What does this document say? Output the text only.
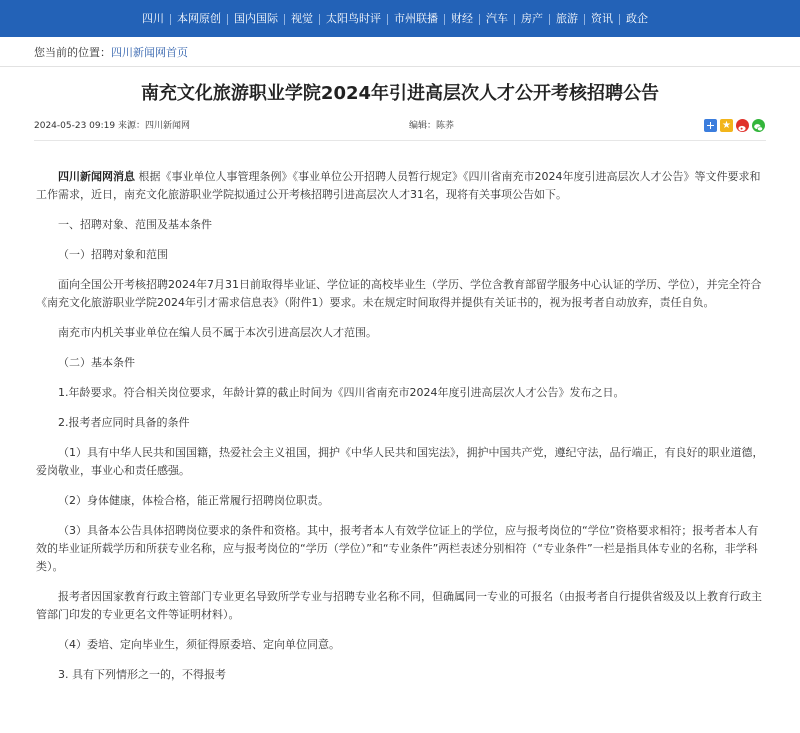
四川	本网原创	国内国际	视觉	太阳鸟时评	市州联播	财经	汽车	房产	旅游	资讯	政企
您当前的位置：四川新闻网首页
南充文化旅游职业学院2024年引进高层次人才公开考核招聘公告
2024-05-23 09:19 来源：四川新闻网	编辑：陈荞
★

四川新闻网消息 根据《事业单位人事管理条例》《事业单位公开招聘人员暂行规定》《四川省南充市2024年度引进高层次人才公告》等文件要求和工作需求，近日，南充文化旅游职业学院拟通过公开考核招聘引进高层次人才31名，现将有关事项公告如下。

一、招聘对象、范围及基本条件

（一）招聘对象和范围

面向全国公开考核招聘2024年7月31日前取得毕业证、学位证的高校毕业生（学历、学位含教育部留学服务中心认证的学历、学位），并完全符合《南充文化旅游职业学院2024年引才需求信息表》（附件1）要求。未在规定时间取得并提供有关证书的，视为报考者自动放弃，责任自负。

南充市内机关事业单位在编人员不属于本次引进高层次人才范围。

（二）基本条件

1.年龄要求。符合相关岗位要求，年龄计算的截止时间为《四川省南充市2024年度引进高层次人才公告》发布之日。

2.报考者应同时具备的条件

（1）具有中华人民共和国国籍，热爱社会主义祖国，拥护《中华人民共和国宪法》，拥护中国共产党，遵纪守法，品行端正，有良好的职业道德，爱岗敬业，事业心和责任感强。

（2）身体健康，体检合格，能正常履行招聘岗位职责。

（3）具备本公告具体招聘岗位要求的条件和资格。其中，报考者本人有效学位证上的学位，应与报考岗位的“学位”资格要求相符；报考者本人有效的毕业证所载学历和所获专业名称，应与报考岗位的“学历（学位）”和“专业条件”两栏表述分别相符（“专业条件”一栏是指具体专业的名称，非学科类）。

报考者因国家教育行政主管部门专业更名导致所学专业与招聘专业名称不同，但确属同一专业的可报名（由报考者自行提供省级及以上教育行政主管部门印发的专业更名文件等证明材料）。

（4）委培、定向毕业生，须征得原委培、定向单位同意。

3. 具有下列情形之一的，不得报考
